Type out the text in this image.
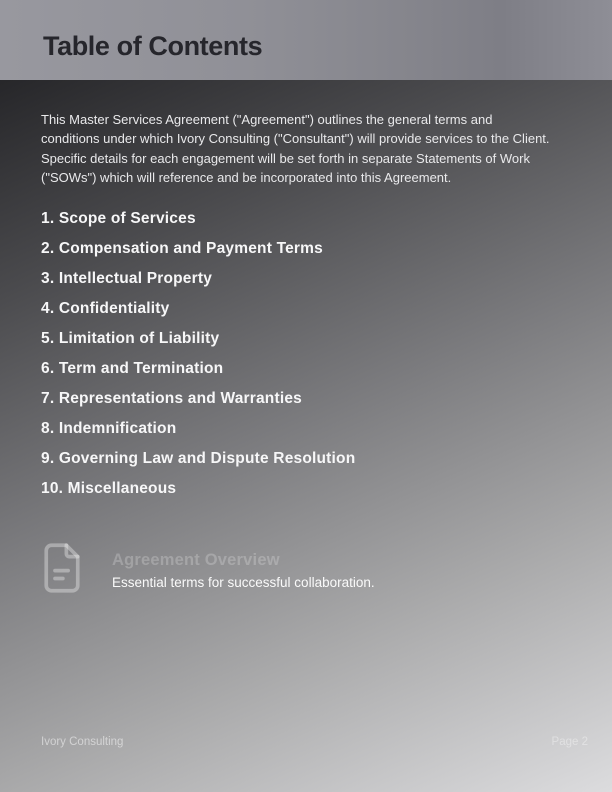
Table of Contents

This Master Services Agreement ("Agreement") outlines the general terms and conditions under which Ivory Consulting ("Consultant") will provide services to the Client. Specific details for each engagement will be set forth in separate Statements of Work ("SOWs") which will reference and be incorporated into this Agreement.

1. Scope of Services
2. Compensation and Payment Terms
3. Intellectual Property
4. Confidentiality
5. Limitation of Liability
6. Term and Termination
7. Representations and Warranties
8. Indemnification
9. Governing Law and Dispute Resolution
10. Miscellaneous
Agreement Overview
Essential terms for successful collaboration.
Ivory Consulting	Page 2
